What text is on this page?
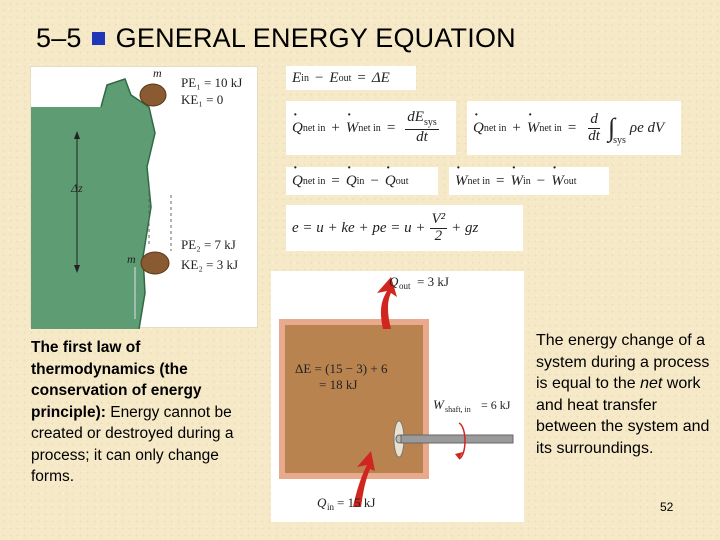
5–5 GENERAL ENERGY EQUATION
m
PE₁ = 10 kJ
KE₁ = 0
Δz
m
PE₂ = 7 kJ
KE₂ = 3 kJ
E in − E out = ΔE
· Q net in +
· W net in = $\frac{dE_{sys}}{dt}$
· Q net in +
· W net in = $\frac{d}{dt}$ ∫
sys
ρe dV
· Q net in =
· Q in −
· Q out
·	W net in =
· W in −
· W out
e = u + ke + pe = $u + \frac{\text{V²}}{2}$ + gz
The first law of thermodynamics (the conservation of energy principle): Energy cannot be created or destroyed during a process; it can only change forms.
Q out = 3 kJ
ΔE = (15 − 3) + 6
= 18 kJ
W shaft, in = 6 kJ
Q in = 15 kJ
The energy change of a system during a process is equal to the net work and heat transfer between the system and its surroundings.
52
